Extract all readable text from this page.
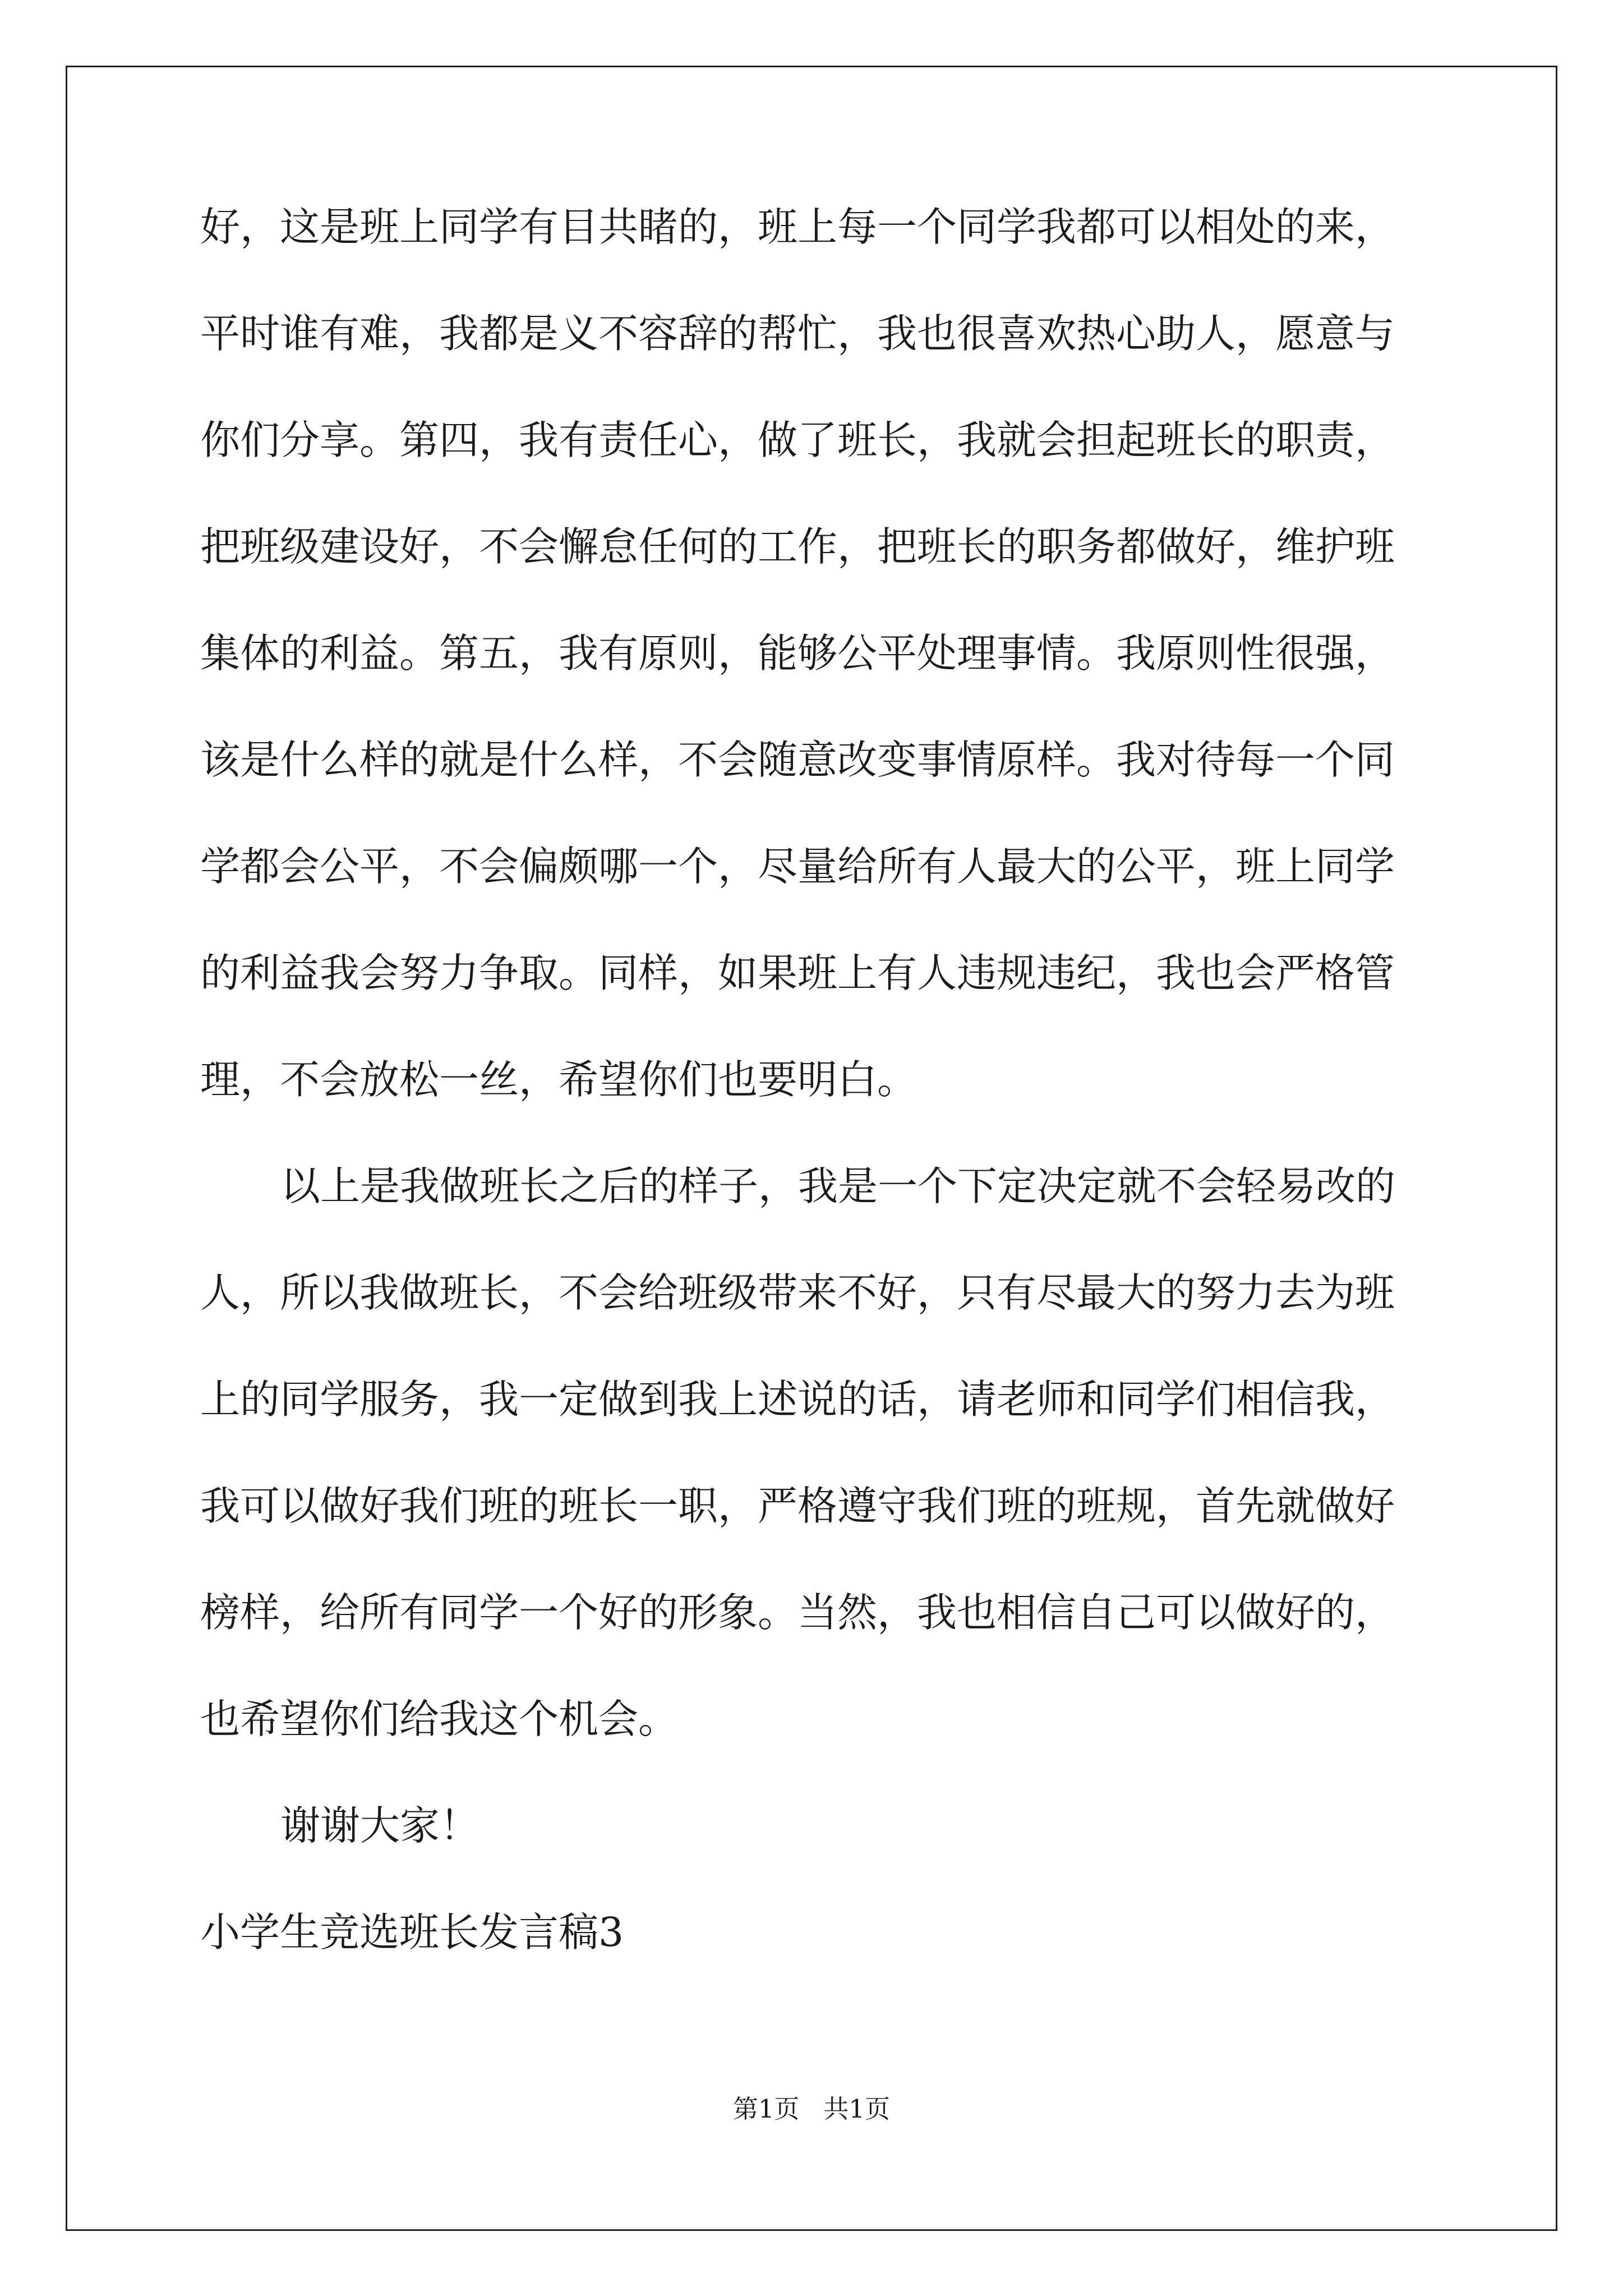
好，这是班上同学有目共睹的，班上每一个同学我都可以相处的来，
平时谁有难，我都是义不容辞的帮忙，我也很喜欢热心助人，愿意与
你们分享。第四，我有责任心，做了班长，我就会担起班长的职责，
把班级建设好，不会懈怠任何的工作，把班长的职务都做好，维护班
集体的利益。第五，我有原则，能够公平处理事情。我原则性很强，
该是什么样的就是什么样，不会随意改变事情原样。我对待每一个同
学都会公平，不会偏颇哪一个，尽量给所有人最大的公平，班上同学
的利益我会努力争取。同样，如果班上有人违规违纪，我也会严格管
理，不会放松一丝，希望你们也要明白。
以上是我做班长之后的样子，我是一个下定决定就不会轻易改的
人，所以我做班长，不会给班级带来不好，只有尽最大的努力去为班
上的同学服务，我一定做到我上述说的话，请老师和同学们相信我，
我可以做好我们班的班长一职，严格遵守我们班的班规，首先就做好
榜样，给所有同学一个好的形象。当然，我也相信自己可以做好的，
也希望你们给我这个机会。
谢谢大家！
小学生竞选班长发言稿3
第1页   共1页
